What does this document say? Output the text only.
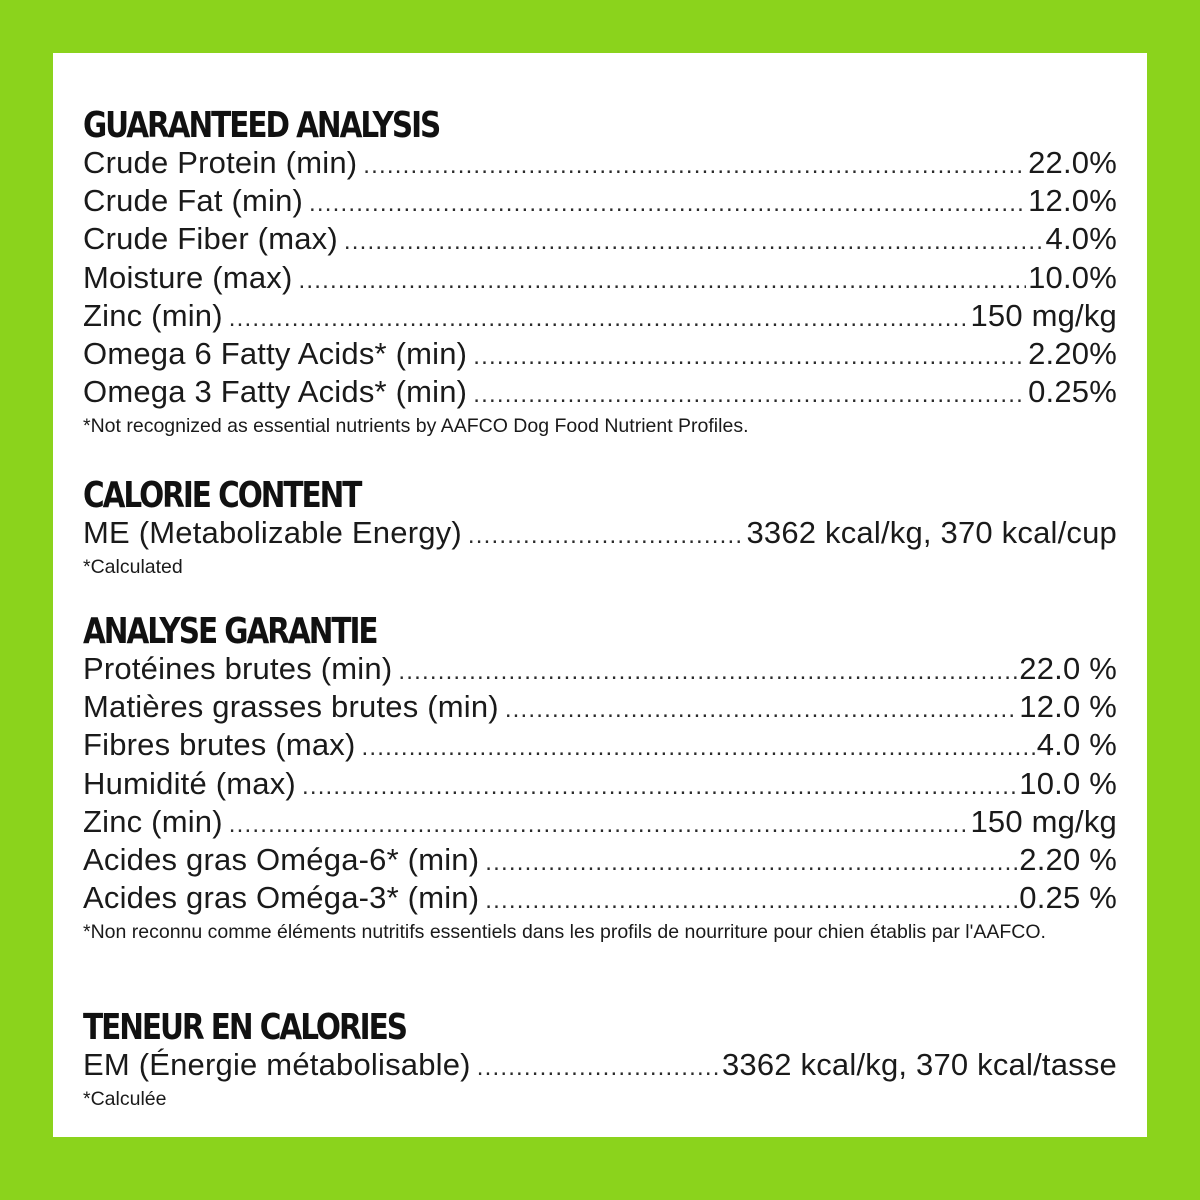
GUARANTEED ANALYSIS
Crude Protein (min) .....	22.0%
Crude Fat (min) .....	12.0%
Crude Fiber (max) .....	4.0%
Moisture (max) .....	10.0%
Zinc (min) .....	150 mg/kg
Omega 6 Fatty Acids* (min) .....	2.20%
Omega 3 Fatty Acids* (min) .....	0.25%

*Not recognized as essential nutrients by AAFCO Dog Food Nutrient Profiles.

CALORIE CONTENT
ME (Metabolizable Energy) .....	3362 kcal/kg, 370 kcal/cup

*Calculated

ANALYSE GARANTIE
Protéines brutes (min) .....	22.0 %
Matières grasses brutes (min) .....	12.0 %
Fibres brutes (max) .....	4.0 %
Humidité (max) .....	10.0 %
Zinc (min) .....	150 mg/kg
Acides gras Oméga-6* (min) .....	2.20 %
Acides gras Oméga-3* (min) .....	0.25 %

*Non reconnu comme éléments nutritifs essentiels dans les profils de nourriture pour chien établis par l'AAFCO.

TENEUR EN CALORIES
EM (Énergie métabolisable) .....	3362 kcal/kg, 370 kcal/tasse

*Calculée
